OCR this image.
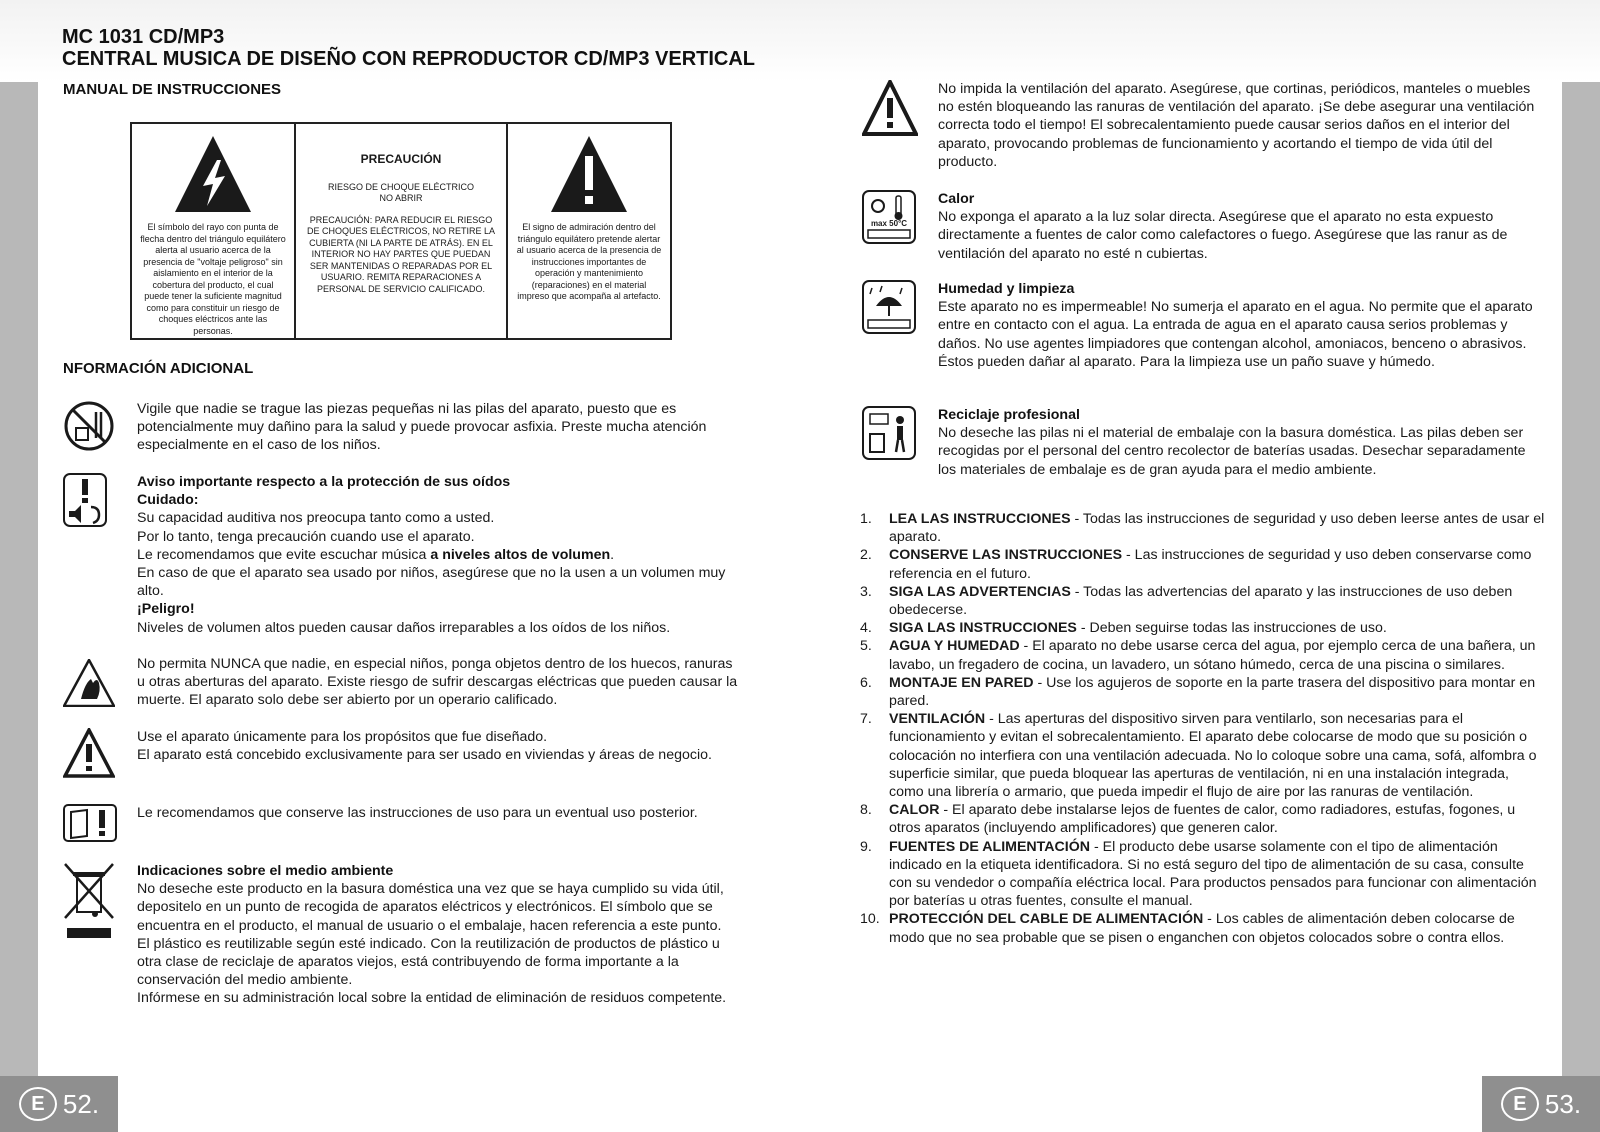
MC 1031 CD/MP3
CENTRAL MUSICA DE DISEÑO CON REPRODUCTOR CD/MP3 VERTICAL
MANUAL DE INSTRUCCIONES
El símbolo del rayo con punta de flecha dentro del triángulo equilátero alerta al usuario acerca de la presencia de "voltaje peligroso" sin aislamiento en el interior de la cobertura del producto, el cual puede tener la suficiente magnitud como para constituir un riesgo de choques eléctricos ante las personas.
PRECAUCIÓN
RIESGO DE CHOQUE ELÉCTRICO NO ABRIR
PRECAUCIÓN: PARA REDUCIR EL RIESGO DE CHOQUES ELÉCTRICOS, NO RETIRE LA CUBIERTA (NI LA PARTE DE ATRÁS). EN EL INTERIOR NO HAY PARTES QUE PUEDAN SER MANTENIDAS O REPARADAS POR EL USUARIO. REMITA REPARACIONES A PERSONAL DE SERVICIO CALIFICADO.
El signo de admiración dentro del triángulo equilátero pretende alertar al usuario acerca de la presencia de instrucciones importantes de operación y mantenimiento (reparaciones) en el material impreso que acompaña al artefacto.
NFORMACIÓN ADICIONAL
Vigile que nadie se trague las piezas pequeñas ni las pilas del aparato, puesto que es potencialmente muy dañino para la salud y puede provocar asfixia. Preste mucha atención especialmente en el caso de los niños.
Aviso importante respecto a la protección de sus oídos
Cuidado:
Su capacidad auditiva nos preocupa tanto como a usted.
Por lo tanto, tenga precaución cuando use el aparato.
Le recomendamos que evite escuchar música a niveles altos de volumen.
En caso de que el aparato sea usado por niños, asegúrese que no la usen a un volumen muy alto.
¡Peligro!
Niveles de volumen altos pueden causar daños irreparables a los oídos de los niños.
No permita NUNCA que nadie, en especial niños, ponga objetos dentro de los huecos, ranuras u otras aberturas del aparato. Existe riesgo de sufrir descargas eléctricas que pueden causar la muerte. El aparato solo debe ser abierto por un operario calificado.
Use el aparato únicamente para los propósitos que fue diseñado.
El aparato está concebido exclusivamente para ser usado en viviendas y áreas de negocio.
Le recomendamos que conserve las instrucciones de uso para un eventual uso posterior.
Indicaciones sobre el medio ambiente
No deseche este producto en la basura doméstica una vez que se haya cumplido su vida útil, depositelo en un punto de recogida de aparatos eléctricos y electrónicos. El símbolo que se encuentra en el producto, el manual de usuario o el embalaje, hacen referencia a este punto.
El plástico es reutilizable según esté indicado. Con la reutilización de productos de plástico u otra clase de reciclaje de aparatos viejos, está contribuyendo de forma importante a la conservación del medio ambiente.
Infórmese en su administración local sobre la entidad de eliminación de residuos competente.
No impida la ventilación del aparato. Asegúrese, que cortinas, periódicos, manteles o muebles no estén bloqueando las ranuras de ventilación del aparato. ¡Se debe asegurar una ventilación correcta todo el tiempo! El sobrecalentamiento puede causar serios daños en el interior del aparato, provocando problemas de funcionamiento y acortando el tiempo de vida útil del producto.
max 50°C
Calor
No exponga el aparato a la luz solar directa. Asegúrese que el aparato no esta expuesto directamente a fuentes de calor como calefactores o fuego. Asegúrese que las ranur as de ventilación del aparato no esté n cubiertas.
Humedad y limpieza
Este aparato no es impermeable! No sumerja el aparato en el agua. No permite que el aparato entre en contacto con el agua. La entrada de agua en el aparato causa serios problemas y daños. No use agentes limpiadores que contengan alcohol, amoniacos, benceno o abrasivos. Éstos pueden dañar al aparato. Para la limpieza use un paño suave y húmedo.
Reciclaje profesional
No deseche las pilas ni el material de embalaje con la basura doméstica. Las pilas deben ser recogidas por el personal del centro recolector de baterías usadas. Desechar separadamente los materiales de embalaje es de gran ayuda para el medio ambiente.
1.	LEA LAS INSTRUCCIONES - Todas las instrucciones de seguridad y uso deben leerse antes de usar el aparato.
2.	CONSERVE LAS INSTRUCCIONES - Las instrucciones de seguridad y uso deben conservarse como referencia en el futuro.
3.	SIGA LAS ADVERTENCIAS - Todas las advertencias del aparato y las instrucciones de uso deben obedecerse.
4.	SIGA LAS INSTRUCCIONES - Deben seguirse todas las instrucciones de uso.
5.	AGUA Y HUMEDAD - El aparato no debe usarse cerca del agua, por ejemplo cerca de una bañera, un lavabo, un fregadero de cocina, un lavadero, un sótano húmedo, cerca de una piscina o similares.
6.	MONTAJE EN PARED - Use los agujeros de soporte en la parte trasera del dispositivo para montar en pared.
7.	VENTILACIÓN - Las aperturas del dispositivo sirven para ventilarlo, son necesarias para el funcionamiento y evitan el sobrecalentamiento. El aparato debe colocarse de modo que su posición o colocación no interfiera con una ventilación adecuada. No lo coloque sobre una cama, sofá, alfombra o superficie similar, que pueda bloquear las aperturas de ventilación, ni en una instalación integrada, como una librería o armario, que pueda impedir el flujo de aire por las ranuras de ventilación.
8.	CALOR - El aparato debe instalarse lejos de fuentes de calor, como radiadores, estufas, fogones, u otros aparatos (incluyendo amplificadores) que generen calor.
9.	FUENTES DE ALIMENTACIÓN - El producto debe usarse solamente con el tipo de alimentación indicado en la etiqueta identificadora. Si no está seguro del tipo de alimentación de su casa, consulte con su vendedor o compañía eléctrica local. Para productos pensados para funcionar con alimentación por baterías u otras fuentes, consulte el manual.
10. PROTECCIÓN DEL CABLE DE ALIMENTACIÓN - Los cables de alimentación deben colocarse de modo que no sea probable que se pisen o enganchen con objetos colocados sobre o contra ellos.
E 52.	E 53.
